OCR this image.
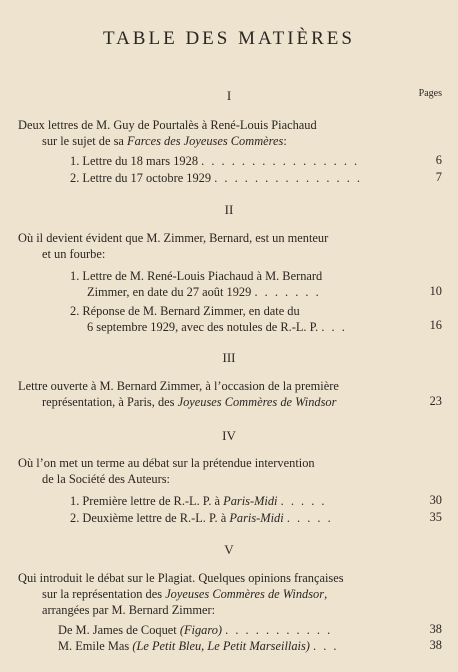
TABLE DES MATIÈRES
Pages
I
Deux lettres de M. Guy de Pourtalès à René-Louis Piachaud
sur le sujet de sa Farces des Joyeuses Commères:
1. Lettre du 18 mars 1928 . . . . . . . . . . . . . . . .	6
2. Lettre du 17 octobre 1929 . . . . . . . . . . . . . . .	7
II
Où il devient évident que M. Zimmer, Bernard, est un menteur
et un fourbe:
1. Lettre de M. René-Louis Piachaud à M. Bernard
Zimmer, en date du 27 août 1929 . . . . . . .	10
2. Réponse de M. Bernard Zimmer, en date du
6 septembre 1929, avec des notules de R.-L. P. . . .	16
III
Lettre ouverte à M. Bernard Zimmer, à l’occasion de la première
représentation, à Paris, des Joyeuses Commères de Windsor	23
IV
Où l’on met un terme au débat sur la prétendue intervention
de la Société des Auteurs:
1. Première lettre de R.-L. P. à Paris-Midi . . . . .	30
2. Deuxième lettre de R.-L. P. à Paris-Midi . . . . .	35
V
Qui introduit le débat sur le Plagiat. Quelques opinions françaises
sur la représentation des Joyeuses Commères de Windsor,
arrangées par M. Bernard Zimmer:
De M. James de Coquet (Figaro) . . . . . . . . . . .	38
M. Emile Mas (Le Petit Bleu, Le Petit Marseillais) . . .	38
